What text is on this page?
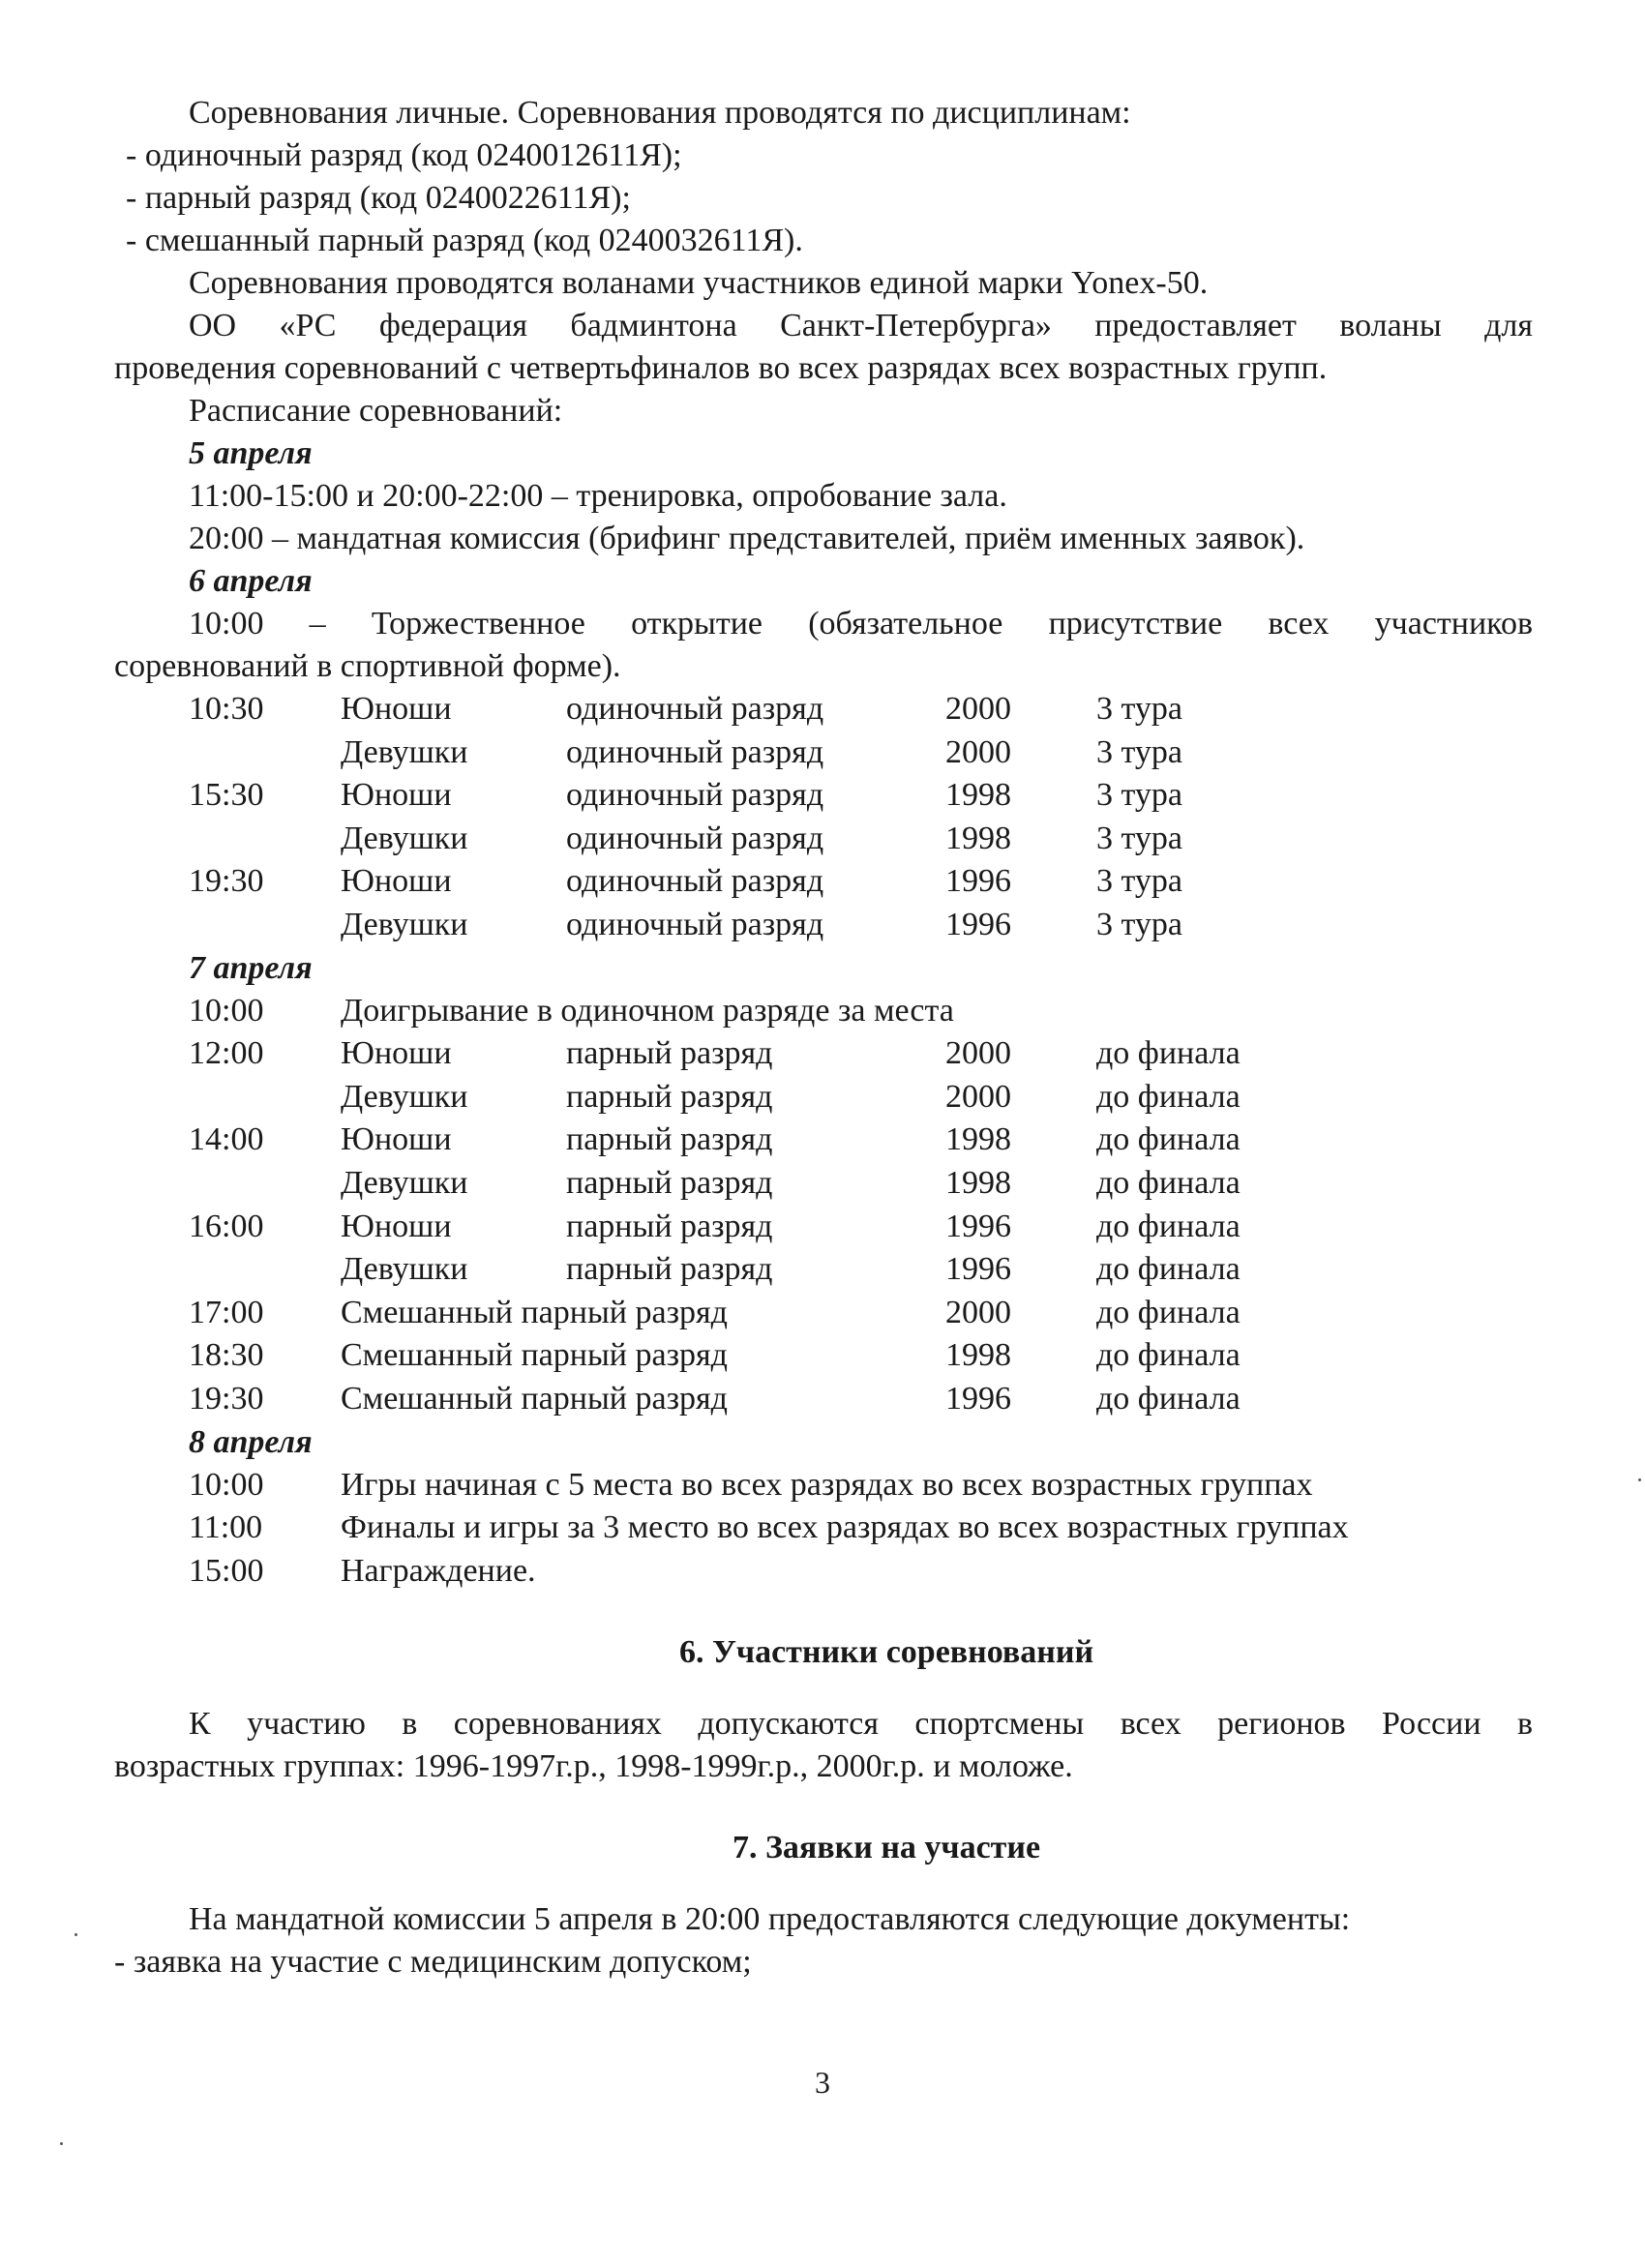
Соревнования личные. Соревнования проводятся по дисциплинам:
- одиночный разряд (код 0240012611Я);
- парный разряд (код 0240022611Я);
- смешанный парный разряд (код 0240032611Я).
Соревнования проводятся воланами участников единой марки Yonex-50.
ОО «РС федерация бадминтона Санкт-Петербурга» предоставляет воланы для
проведения соревнований с четвертьфиналов во всех разрядах всех возрастных групп.
Расписание соревнований:
5 апреля
11:00-15:00 и 20:00-22:00 – тренировка, опробование зала.
20:00 – мандатная комиссия (брифинг представителей, приём именных заявок).
6 апреля
10:00 – Торжественное открытие (обязательное присутствие всех участников
соревнований в спортивной форме).
10:30	Юноши	одиночный разряд	2000	3 тура
Девушки	одиночный разряд	2000	3 тура
15:30	Юноши	одиночный разряд	1998	3 тура
Девушки	одиночный разряд	1998	3 тура
19:30	Юноши	одиночный разряд	1996	3 тура
Девушки	одиночный разряд	1996	3 тура
7 апреля
10:00	Доигрывание в одиночном разряде за места
12:00	Юноши	парный разряд	2000	до финала
Девушки	парный разряд	2000	до финала
14:00	Юноши	парный разряд	1998	до финала
Девушки	парный разряд	1998	до финала
16:00	Юноши	парный разряд	1996	до финала
Девушки	парный разряд	1996	до финала
17:00	Смешанный парный разряд	2000	до финала
18:30	Смешанный парный разряд	1998	до финала
19:30	Смешанный парный разряд	1996	до финала
8 апреля
10:00	Игры начиная с 5 места во всех разрядах во всех возрастных группах
11:00	Финалы и игры за 3 место во всех разрядах во всех возрастных группах
15:00	Награждение.
6. Участники соревнований
К участию в соревнованиях допускаются спортсмены всех регионов России в
возрастных группах: 1996-1997г.р., 1998-1999г.р., 2000г.р. и моложе.
7. Заявки на участие
На мандатной комиссии 5 апреля в 20:00 предоставляются следующие документы:
- заявка на участие с медицинским допуском;
3
